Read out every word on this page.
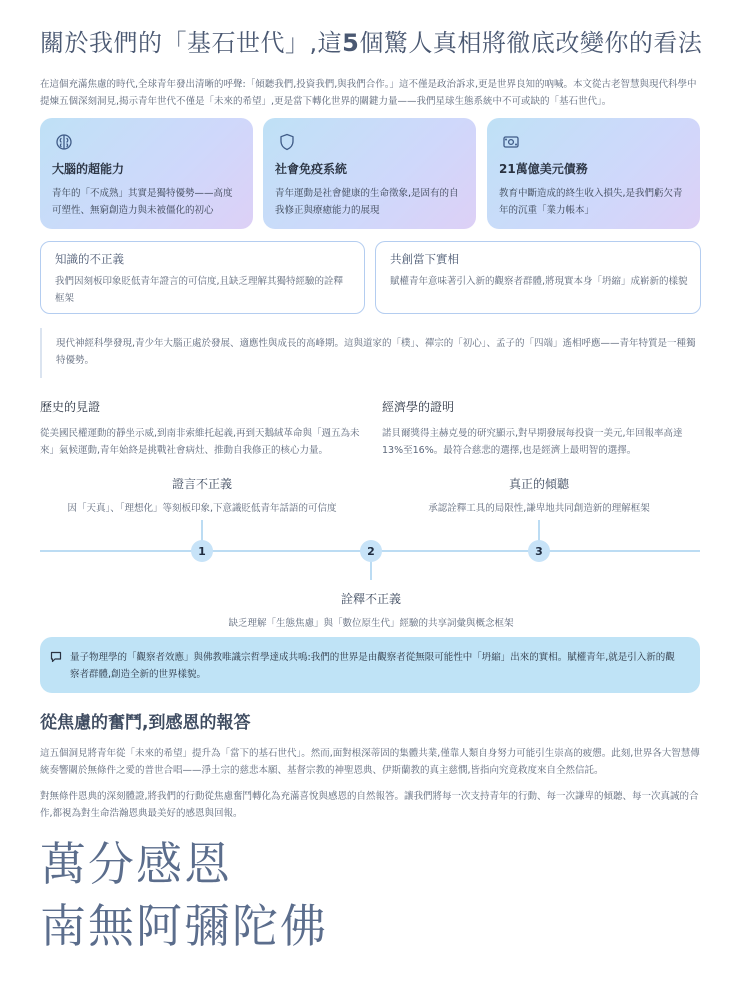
關於我們的「基石世代」,這5個驚人真相將徹底改變你的看法

在這個充滿焦慮的時代,全球青年發出清晰的呼聲:「傾聽我們,投資我們,與我們合作。」這不僅是政治訴求,更是世界良知的吶喊。本文從古老智慧與現代科學中提煉五個深刻洞見,揭示青年世代不僅是「未來的希望」,更是當下轉化世界的關鍵力量——我們星球生態系統中不可或缺的「基石世代」。

大腦的超能力
青年的「不成熟」其實是獨特優勢——高度可塑性、無窮創造力與未被僵化的初心
社會免疫系統
青年運動是社會健康的生命徵象,是固有的自我修正與療癒能力的展現
21萬億美元債務
教育中斷造成的終生收入損失,是我們虧欠青年的沉重「業力帳本」
知識的不正義
我們因刻板印象貶低青年證言的可信度,且缺乏理解其獨特經驗的詮釋框架
共創當下實相
賦權青年意味著引入新的觀察者群體,將現實本身「坍縮」成嶄新的樣貌
現代神經科學發現,青少年大腦正處於發展、適應性與成長的高峰期。這與道家的「樸」、禪宗的「初心」、孟子的「四端」遙相呼應——青年特質是一種獨特優勢。
歷史的見證
從美國民權運動的靜坐示威,到南非索維托起義,再到天鵝絨革命與「週五為未來」氣候運動,青年始終是挑戰社會病灶、推動自我修正的核心力量。
經濟學的證明
諾貝爾獎得主赫克曼的研究顯示,對早期發展每投資一美元,年回報率高達13%至16%。最符合慈悲的選擇,也是經濟上最明智的選擇。
證言不正義
因「天真」、「理想化」等刻板印象,下意識貶低青年話語的可信度
真正的傾聽
承認詮釋工具的局限性,謙卑地共同創造新的理解框架
1	2	3
詮釋不正義
缺乏理解「生態焦慮」與「數位原生代」經驗的共享詞彙與概念框架
量子物理學的「觀察者效應」與佛教唯識宗哲學達成共鳴:我們的世界是由觀察者從無限可能性中「坍縮」出來的實相。賦權青年,就是引入新的觀察者群體,創造全新的世界樣貌。
從焦慮的奮鬥,到感恩的報答

這五個洞見將青年從「未來的希望」提升為「當下的基石世代」。然而,面對根深蒂固的集體共業,僅靠人類自身努力可能引生崇高的疲憊。此刻,世界各大智慧傳統奏響關於無條件之愛的普世合唱——淨土宗的慈悲本願、基督宗教的神聖恩典、伊斯蘭教的真主慈憫,皆指向究竟救度來自全然信託。

對無條件恩典的深刻體證,將我們的行動從焦慮奮鬥轉化為充滿喜悅與感恩的自然報答。讓我們將每一次支持青年的行動、每一次謙卑的傾聽、每一次真誠的合作,都視為對生命浩瀚恩典最美好的感恩與回報。

萬分感恩
南無阿彌陀佛
